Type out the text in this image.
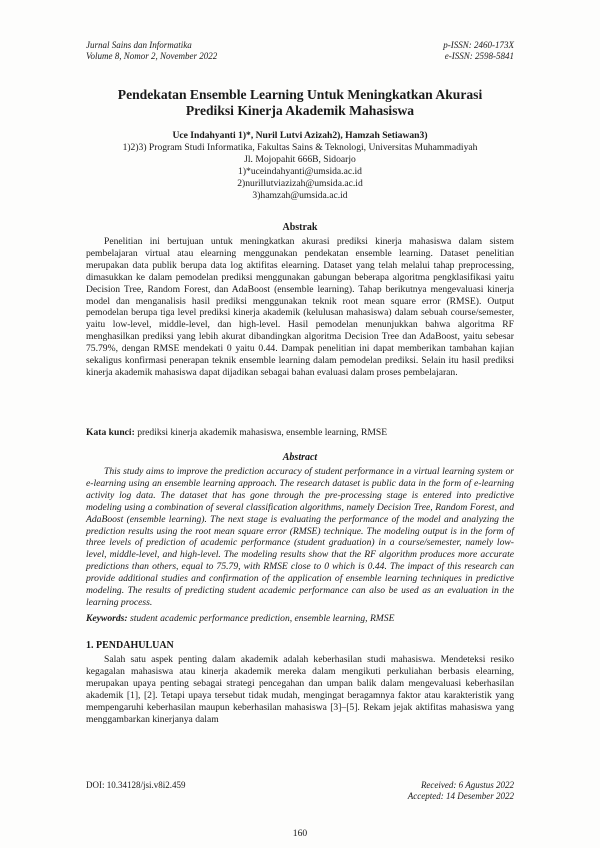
Jurnal Sains dan Informatika
Volume 8, Nomor 2, November 2022
p-ISSN: 2460-173X
e-ISSN: 2598-5841
Pendekatan Ensemble Learning Untuk Meningkatkan Akurasi
Prediksi Kinerja Akademik Mahasiswa
Uce Indahyanti 1)*, Nuril Lutvi Azizah2), Hamzah Setiawan3)
1)2)3) Program Studi Informatika, Fakultas Sains & Teknologi, Universitas Muhammadiyah
Jl. Mojopahit 666B, Sidoarjo
1)*uceindahyanti@umsida.ac.id
2)nurillutviazizah@umsida.ac.id
3)hamzah@umsida.ac.id
Abstrak

Penelitian ini bertujuan untuk meningkatkan akurasi prediksi kinerja mahasiswa dalam sistem pembelajaran virtual atau elearning menggunakan pendekatan ensemble learning. Dataset penelitian merupakan data publik berupa data log aktifitas elearning. Dataset yang telah melalui tahap preprocessing, dimasukkan ke dalam pemodelan prediksi menggunakan gabungan beberapa algoritma pengklasifikasi yaitu Decision Tree, Random Forest, dan AdaBoost (ensemble learning). Tahap berikutnya mengevaluasi kinerja model dan menganalisis hasil prediksi menggunakan teknik root mean square error (RMSE). Output pemodelan berupa tiga level prediksi kinerja akademik (kelulusan mahasiswa) dalam sebuah course/semester, yaitu low-level, middle-level, dan high-level. Hasil pemodelan menunjukkan bahwa algoritma RF menghasilkan prediksi yang lebih akurat dibandingkan algoritma Decision Tree dan AdaBoost, yaitu sebesar 75.79%, dengan RMSE mendekati 0 yaitu 0.44. Dampak penelitian ini dapat memberikan tambahan kajian sekaligus konfirmasi penerapan teknik ensemble learning dalam pemodelan prediksi. Selain itu hasil prediksi kinerja akademik mahasiswa dapat dijadikan sebagai bahan evaluasi dalam proses pembelajaran.

Kata kunci: prediksi kinerja akademik mahasiswa, ensemble learning, RMSE
Abstract

This study aims to improve the prediction accuracy of student performance in a virtual learning system or e-learning using an ensemble learning approach. The research dataset is public data in the form of e-learning activity log data. The dataset that has gone through the pre-processing stage is entered into predictive modeling using a combination of several classification algorithms, namely Decision Tree, Random Forest, and AdaBoost (ensemble learning). The next stage is evaluating the performance of the model and analyzing the prediction results using the root mean square error (RMSE) technique. The modeling output is in the form of three levels of prediction of academic performance (student graduation) in a course/semester, namely low-level, middle-level, and high-level. The modeling results show that the RF algorithm produces more accurate predictions than others, equal to 75.79, with RMSE close to 0 which is 0.44. The impact of this research can provide additional studies and confirmation of the application of ensemble learning techniques in predictive modeling. The results of predicting student academic performance can also be used as an evaluation in the learning process.

Keywords: student academic performance prediction, ensemble learning, RMSE
1. PENDAHULUAN

Salah satu aspek penting dalam akademik adalah keberhasilan studi mahasiswa. Mendeteksi resiko kegagalan mahasiswa atau kinerja akademik mereka dalam mengikuti perkuliahan berbasis elearning, merupakan upaya penting sebagai strategi pencegahan dan umpan balik dalam mengevaluasi keberhasilan akademik [1], [2]. Tetapi upaya tersebut tidak mudah, mengingat beragamnya faktor atau karakteristik yang mempengaruhi keberhasilan maupun keberhasilan mahasiswa [3]–[5]. Rekam jejak aktifitas mahasiswa yang menggambarkan kinerjanya dalam

DOI: 10.34128/jsi.v8i2.459	Received: 6 Agustus 2022
Accepted: 14 Desember 2022
160
